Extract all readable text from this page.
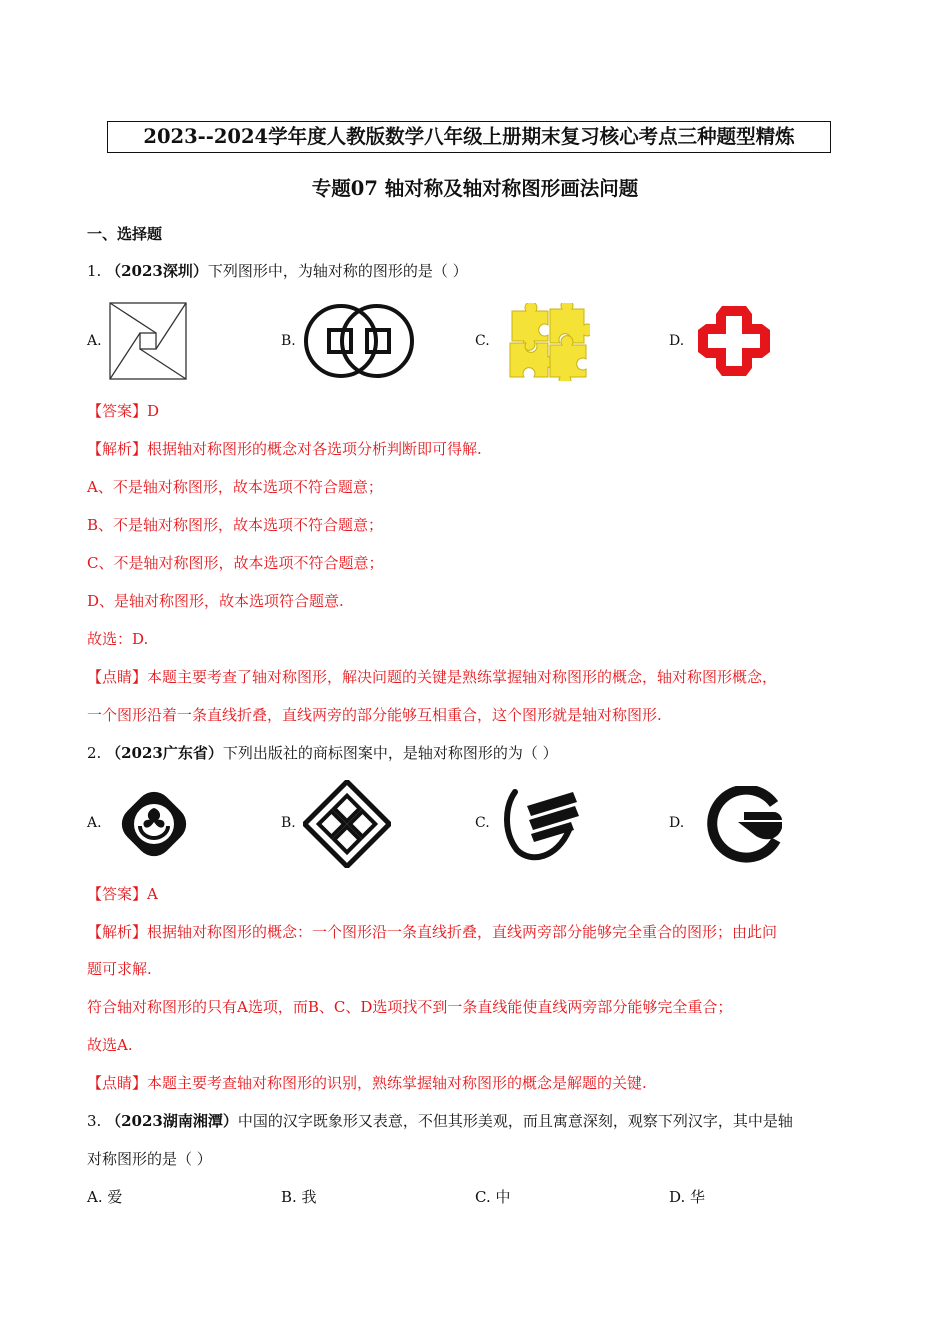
2023--2024学年度人教版数学八年级上册期末复习核心考点三种题型精炼
专题07 轴对称及轴对称图形画法问题
一、选择题
1. （2023深圳）下列图形中，为轴对称的图形的是（ ）
A.	B.	C.	D.
【答案】D
【解析】根据轴对称图形的概念对各选项分析判断即可得解.
A、不是轴对称图形，故本选项不符合题意；
B、不是轴对称图形，故本选项不符合题意；
C、不是轴对称图形，故本选项不符合题意；
D、是轴对称图形，故本选项符合题意.
故选：D.
【点睛】本题主要考查了轴对称图形，解决问题的关键是熟练掌握轴对称图形的概念，轴对称图形概念，
一个图形沿着一条直线折叠，直线两旁的部分能够互相重合，这个图形就是轴对称图形.
2. （2023广东省）下列出版社的商标图案中，是轴对称图形的为（ ）
A.	B.	C.	D.
【答案】A
【解析】根据轴对称图形的概念：一个图形沿一条直线折叠，直线两旁部分能够完全重合的图形；由此问
题可求解.
符合轴对称图形的只有A选项，而B、C、D选项找不到一条直线能使直线两旁部分能够完全重合；
故选A.
【点睛】本题主要考查轴对称图形的识别，熟练掌握轴对称图形的概念是解题的关键.
3. （2023湖南湘潭）中国的汉字既象形又表意，不但其形美观，而且寓意深刻，观察下列汉字，其中是轴
对称图形的是（ ）
A. 爱	B. 我	C. 中	D. 华
